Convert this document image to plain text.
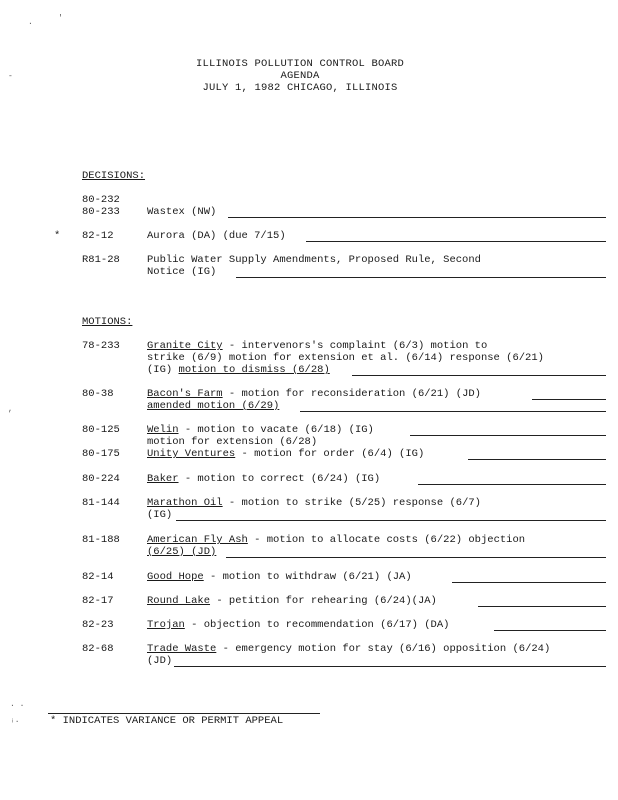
.	'
-
,
. .
ᵢ.
ILLINOIS POLLUTION CONTROL BOARD
AGENDA
JULY 1, 1982 CHICAGO, ILLINOIS
DECISIONS:
80-232
80-233	Wastex (NW)
* 82-12	Aurora (DA) (due 7/15)
R81-28	Public Water Supply Amendments, Proposed Rule, Second
Notice (IG)
MOTIONS:
78-233	Granite City - intervenors's complaint (6/3) motion to
strike (6/9) motion for extension et al. (6/14) response (6/21)
(IG) motion to dismiss (6/28)
80-38	Bacon's Farm - motion for reconsideration (6/21) (JD)
amended motion (6/29)
80-125	Welin - motion to vacate (6/18) (IG)
motion for extension (6/28)
80-175	Unity Ventures - motion for order (6/4) (IG)
80-224	Baker - motion to correct (6/24) (IG)
81-144	Marathon Oil - motion to strike (5/25) response (6/7)
(IG)
81-188	American Fly Ash - motion to allocate costs (6/22) objection
(6/25) (JD)
82-14	Good Hope - motion to withdraw (6/21) (JA)
82-17	Round Lake - petition for rehearing (6/24)(JA)
82-23	Trojan - objection to recommendation (6/17) (DA)
82-68	Trade Waste - emergency motion for stay (6/16) opposition (6/24)
(JD)
* INDICATES VARIANCE OR PERMIT APPEAL
